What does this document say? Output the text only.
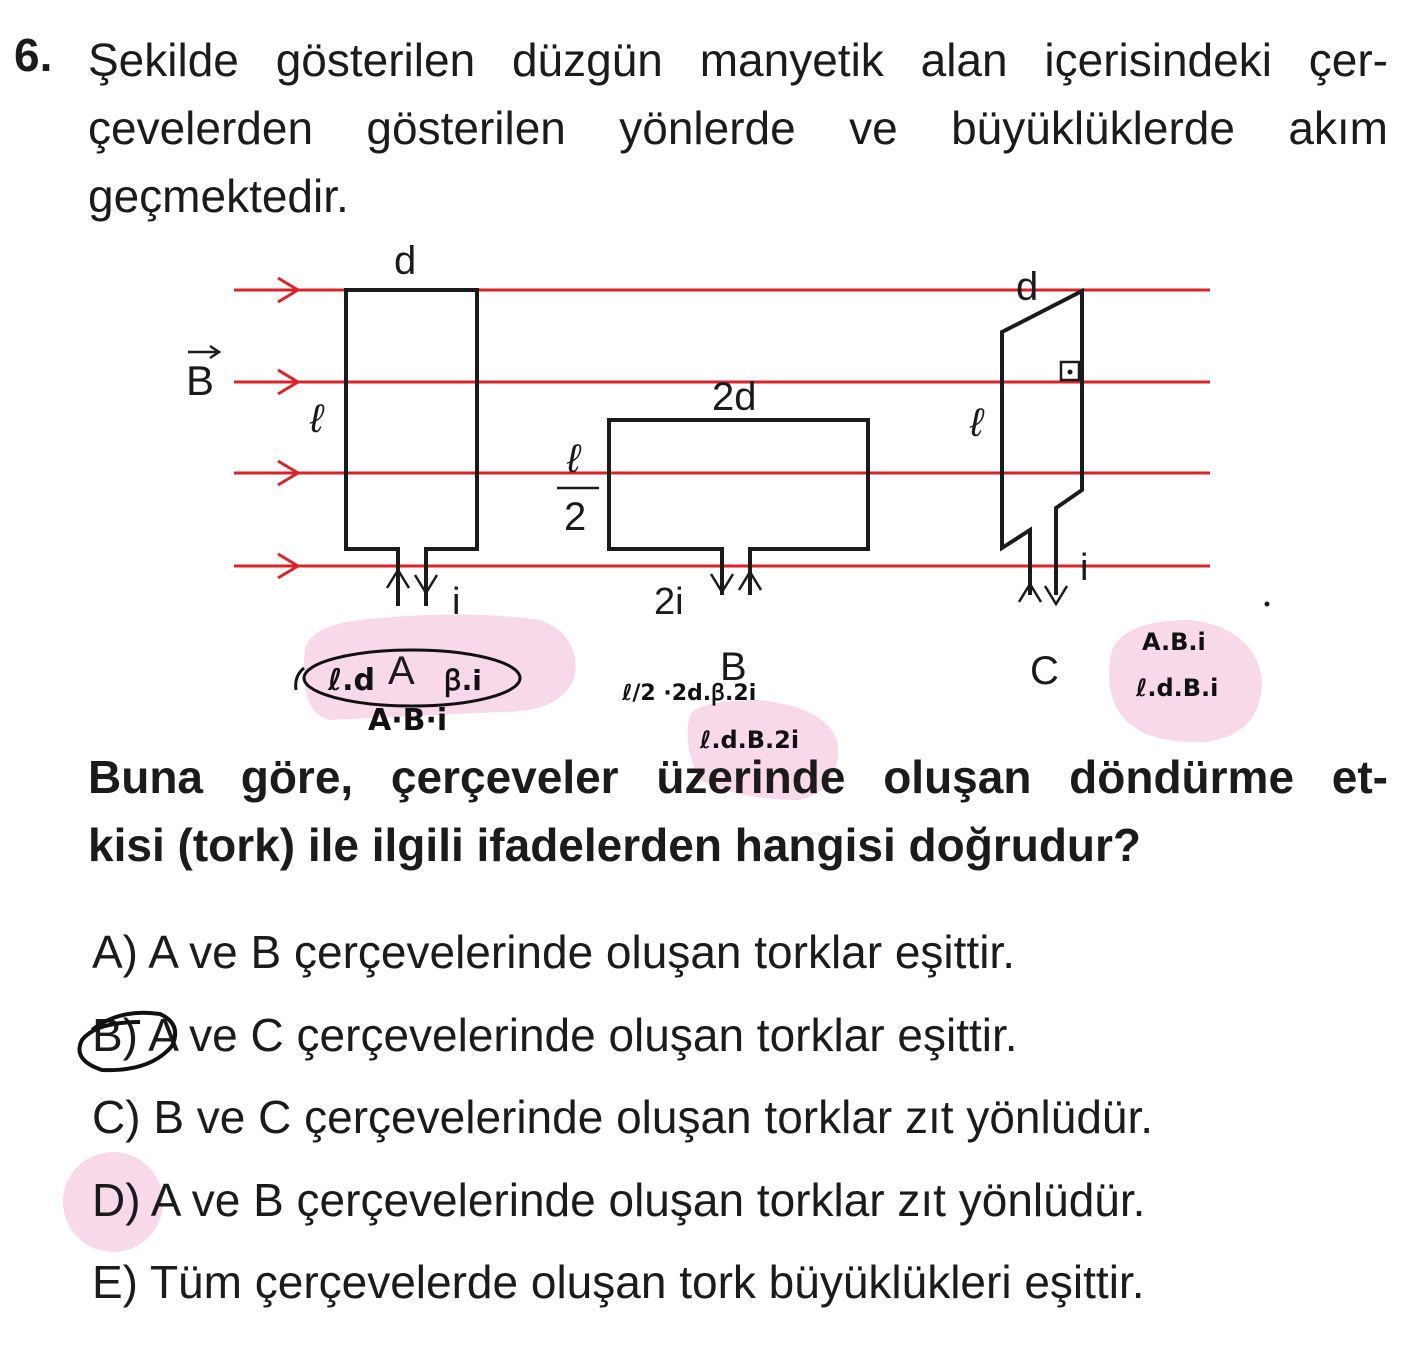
6. Şekilde gösterilen düzgün manyetik alan içerisindeki çer-
çevelerden gösterilen yönlerde ve büyüklüklerde akım
geçmektedir.
B
d
ℓ
i
A
2d
ℓ
2
2i
B
d
ℓ
i
C
ℓ.d ꞵ.i
A·B·i
ℓ/2 ·2d.ꞵ.2i
ℓ.d.B.2i
A.B.i
ℓ.d.B.i
Buna göre, çerçeveler üzerinde oluşan döndürme et-
kisi (tork) ile ilgili ifadelerden hangisi doğrudur?
A) A ve B çerçevelerinde oluşan torklar eşittir.
B) A ve C çerçevelerinde oluşan torklar eşittir.
C) B ve C çerçevelerinde oluşan torklar zıt yönlüdür.
D) A ve B çerçevelerinde oluşan torklar zıt yönlüdür.
E) Tüm çerçevelerde oluşan tork büyüklükleri eşittir.
